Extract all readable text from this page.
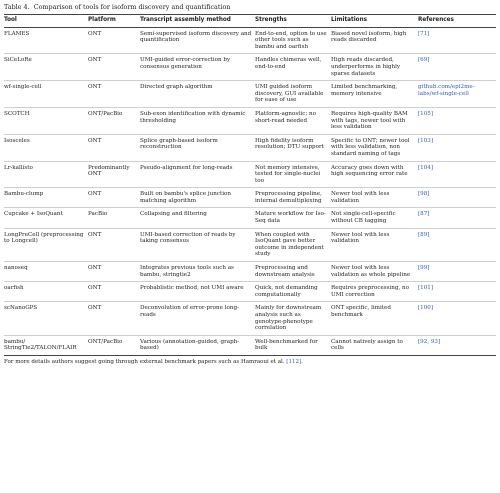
Table 4. Comparison of tools for isoform discovery and quantification

Tool	Platform	Transcript assembly method	Strengths	Limitations	References
FLAMES	ONT	Semi-supervised isoform discovery and quantification	End-to-end, option to use other tools such as bambu and oarfish	Biased novel isoform, high reads discarded	[71]
SiCeLoRe	ONT	UMI-guided error-correction by consensus generation	Handles chimeras well, end-to-end	High reads discarded, underperforms in highly sparse datasets	[69]
wf-single-cell	ONT	Directed graph algorithm	UMI guided isoform discovery, GUI available for ease of use	Limited benchmarking, memory intensive	github.com/epi2me-labs/wf-single-cell
SCOTCH	ONT/PacBio	Sub-exon identification with dynamic thresholding	Platform-agnostic; no short-read needed	Requires high-quality BAM with tags, newer tool with less validation	[105]
Isosceles	ONT	Splice graph-based isoform reconstruction	High fidelity isoform resolution; DTU support	Specific to ONT; newer tool with less validation, non standard naming of tags	[103]
Lr-kallisto	Predominantly ONT	Pseudo-alignment for long-reads	Not memory intensive, tested for single-nuclei too	Accuracy goes down with high sequencing error rate	[104]
Bambu-clump	ONT	Built on bambu's splice junction matching algorithm	Preprocessing pipeline, internal demultiplexing	Newer tool with less validation	[98]
Cupcake + IsoQuant	PacBio	Collapsing and filtering	Mature workflow for Iso-Seq data	Not single-cell-specific without CB tagging	[87]
LongPreCell (preprocessing to Longcell)	ONT	UMI-based correction of reads by taking consensus	When coupled with IsoQuant gave better outcome in independent study	Newer tool with less validation	[89]
nanoseq	ONT	Integrates previous tools such as bambu, stringtie2	Preprocessing and downstream analysis	Newer tool with less validation as whole pipeline	[99]
oarfish	ONT	Probablistic method, not UMI aware	Quick, not demanding computationally	Requires preprocessing, no UMI correction	[101]
scNanoGPS	ONT	Deconvolution of error-prone long-reads	Mainly for downstream analysis such as genotype-phenotype correlation	ONT specific, limited benchmark	[100]
bambu/ StringTie2/TALON/FLAIR	ONT/PacBio	Various (annotation-guided, graph-based)	Well-benchmarked for bulk	Cannot natively assign to cells	[92, 93]

For more details authors suggest going through external benchmark papers such as Hamraoui et al. [112].
